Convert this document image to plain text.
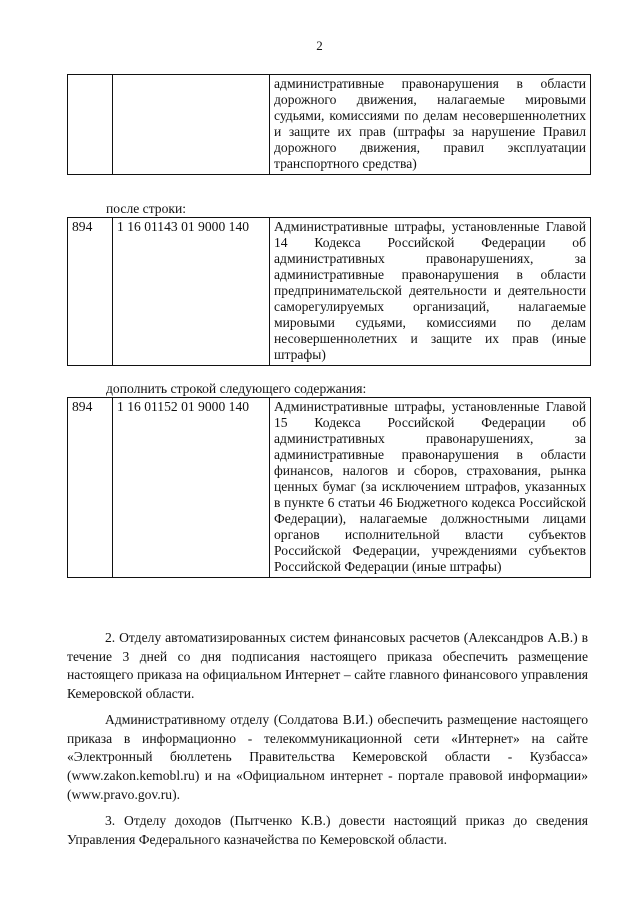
2
		административные правонарушения в области дорожного движения, налагаемые мировыми судьями, комиссиями по делам несовершеннолетних и защите их прав (штрафы за нарушение Правил дорожного движения, правил эксплуатации транспортного средства)
после строки:
894	1 16 01143 01 9000 140	Административные штрафы, установленные Главой 14 Кодекса Российской Федерации об административных правонарушениях, за административные правонарушения в области предпринимательской деятельности и деятельности саморегулируемых организаций, налагаемые мировыми судьями, комиссиями по делам несовершеннолетних и защите их прав (иные штрафы)
дополнить строкой следующего содержания:
894	1 16 01152 01 9000 140	Административные штрафы, установленные Главой 15 Кодекса Российской Федерации об административных правонарушениях, за административные правонарушения в области финансов, налогов и сборов, страхования, рынка ценных бумаг (за исключением штрафов, указанных в пункте 6 статьи 46 Бюджетного кодекса Российской Федерации), налагаемые должностными лицами органов исполнительной власти субъектов Российской Федерации, учреждениями субъектов Российской Федерации (иные штрафы)

2. Отделу автоматизированных систем финансовых расчетов (Александров А.В.) в течение 3 дней со дня подписания настоящего приказа обеспечить размещение настоящего приказа на официальном Интернет – сайте главного финансового управления Кемеровской области.

Административному отделу (Солдатова В.И.) обеспечить размещение настоящего приказа в информационно - телекоммуникационной сети «Интернет» на сайте «Электронный бюллетень Правительства Кемеровской области - Кузбасса» (www.zakon.kemobl.ru) и на «Официальном интернет - портале правовой информации» (www.pravo.gov.ru).

3. Отделу доходов (Пытченко К.В.) довести настоящий приказ до сведения Управления Федерального казначейства по Кемеровской области.
